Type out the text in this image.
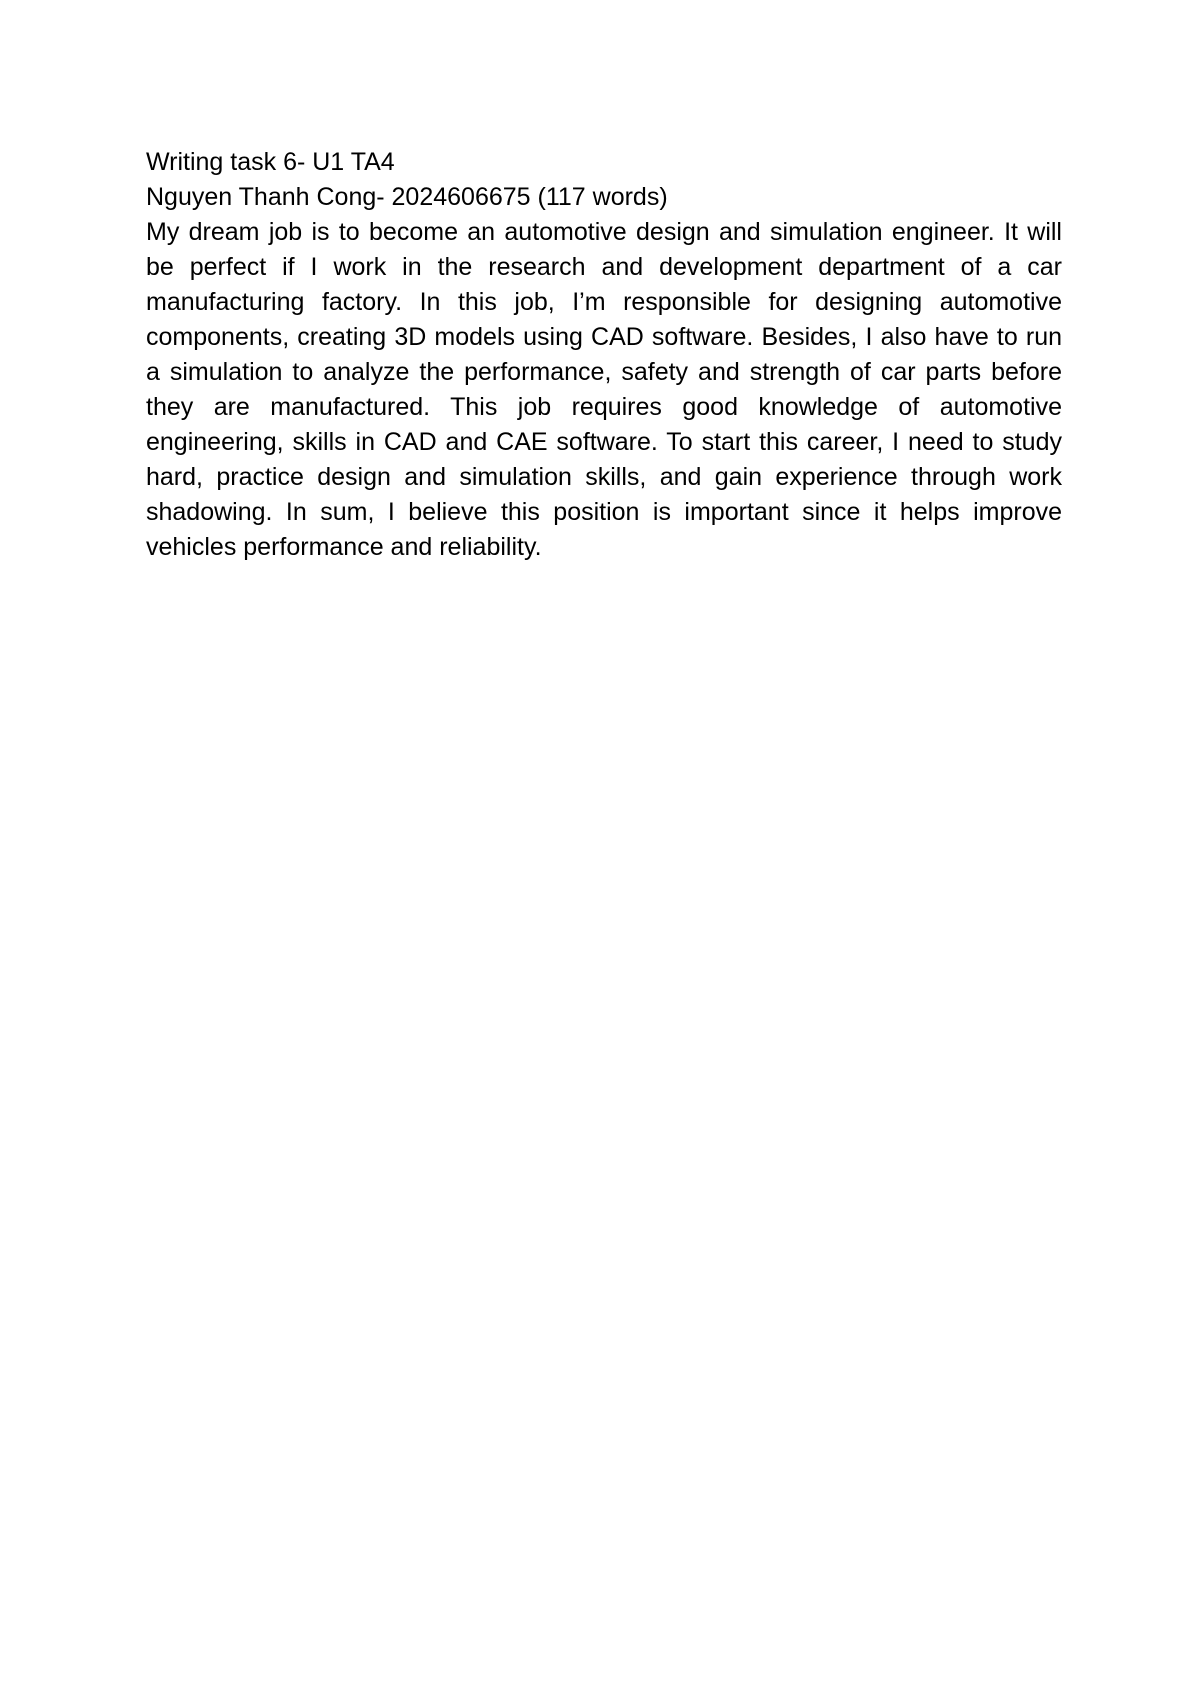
Writing task 6- U1 TA4

Nguyen Thanh Cong- 2024606675 (117 words)

My dream job is to become an automotive design and simulation engineer. It will be perfect if I work in the research and development department of a car manufacturing factory. In this job, I’m responsible for designing automotive components, creating 3D models using CAD software. Besides, I also have to run a simulation to analyze the performance, safety and strength of car parts before they are manufactured. This job requires good knowledge of automotive engineering, skills in CAD and CAE software. To start this career, I need to study hard, practice design and simulation skills, and gain experience through work shadowing. In sum, I believe this position is important since it helps improve vehicles performance and reliability.
